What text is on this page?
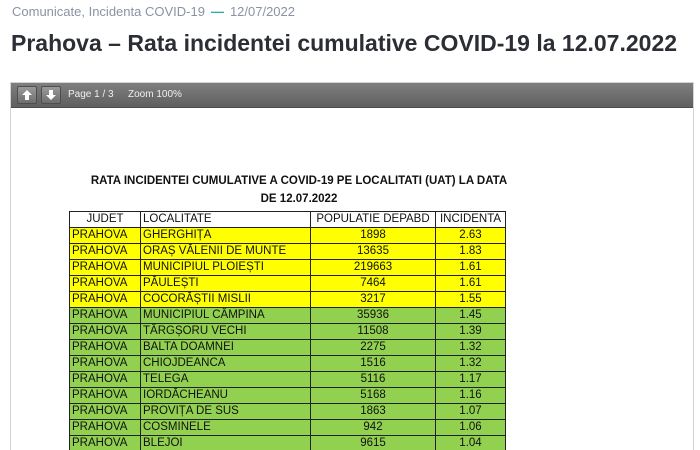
Comunicate, Incidenta COVID-19 — 12/07/2022
Prahova – Rata incidentei cumulative COVID-19 la 12.07.2022
Page 1 / 3 Zoom 100%
RATA INCIDENTEI CUMULATIVE A COVID-19 PE LOCALITATI (UAT) LA DATA
DE 12.07.2022
JUDET	LOCALITATE	POPULATIE DEPABD	INCIDENTA
PRAHOVA	GHERGHIȚA	1898	2.63
PRAHOVA	ORAȘ VĂLENII DE MUNTE	13635	1.83
PRAHOVA	MUNICIPIUL PLOIEȘTI	219663	1.61
PRAHOVA	PĂULEȘTI	7464	1.61
PRAHOVA	COCORĂȘTII MISLII	3217	1.55
PRAHOVA	MUNICIPIUL CÂMPINA	35936	1.45
PRAHOVA	TÂRGȘORU VECHI	11508	1.39
PRAHOVA	BALTA DOAMNEI	2275	1.32
PRAHOVA	CHIOJDEANCA	1516	1.32
PRAHOVA	TELEGA	5116	1.17
PRAHOVA	IORDĂCHEANU	5168	1.16
PRAHOVA	PROVIȚA DE SUS	1863	1.07
PRAHOVA	COSMINELE	942	1.06
PRAHOVA	BLEJOI	9615	1.04
